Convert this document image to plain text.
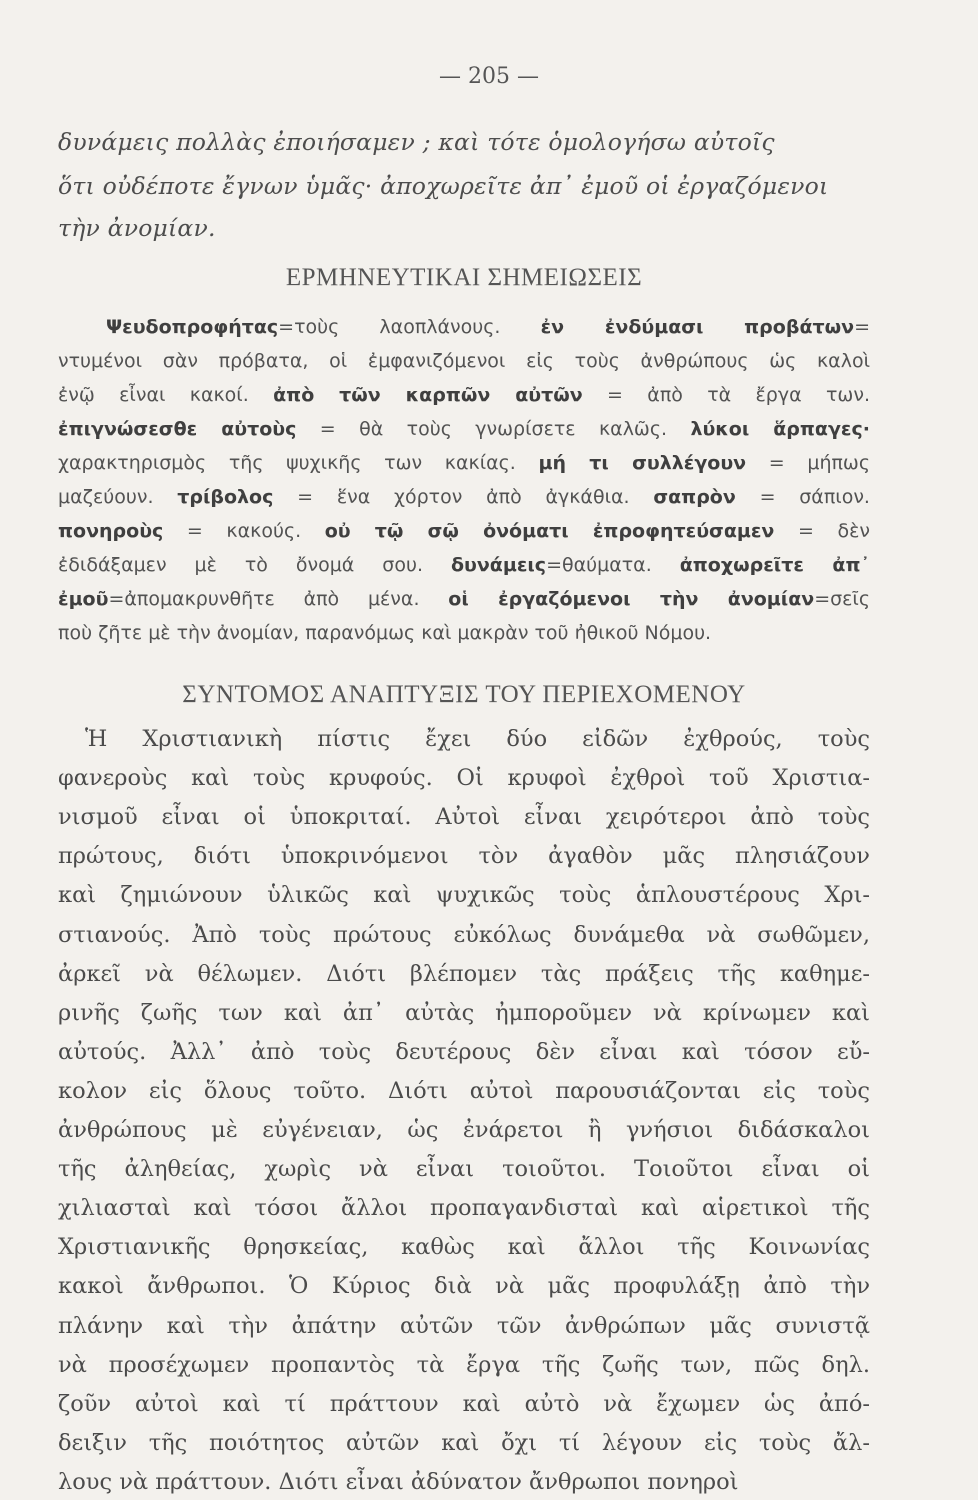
— 205 —
δυνάμεις πολλὰς ἐποιήσαμεν ; καὶ τότε ὁμολογήσω αὐτοῖς
ὅτι οὐδέποτε ἔγνων ὑμᾶς· ἀποχωρεῖτε ἀπ᾽ ἐμοῦ οἱ ἐργαζόμενοι
τὴν ἀνομίαν.
ΕΡΜΗΝΕΥΤΙΚΑΙ ΣΗΜΕΙΩΣΕΙΣ
Ψευδοπροφήτας=τοὺς λαοπλάνους. ἐν ἐνδύμασι προβάτων=
ντυμένοι σὰν πρόβατα, οἱ ἐμφανιζόμενοι εἰς τοὺς ἀνθρώπους ὡς καλοὶ
ἐνῷ εἶναι κακοί. ἀπὸ τῶν καρπῶν αὐτῶν = ἀπὸ τὰ ἔργα των.
ἐπιγνώσεσθε αὐτοὺς = θὰ τοὺς γνωρίσετε καλῶς. λύκοι ἅρπαγες·
χαρακτηρισμὸς τῆς ψυχικῆς των κακίας. μή τι συλλέγουν = μήπως
μαζεύουν. τρίβολος = ἕνα χόρτον ἀπὸ ἀγκάθια. σαπρὸν = σάπιον.
πονηροὺς = κακούς. οὐ τῷ σῷ ὀνόματι ἐπροφητεύσαμεν = δὲν
ἐδιδάξαμεν μὲ τὸ ὄνομά σου. δυνάμεις=θαύματα. ἀποχωρεῖτε ἀπ᾽
ἐμοῦ=ἀπομακρυνθῆτε ἀπὸ μένα. οἱ ἐργαζόμενοι τὴν ἀνομίαν=σεῖς
ποὺ ζῆτε μὲ τὴν ἀνομίαν, παρανόμως καὶ μακρὰν τοῦ ἠθικοῦ Νόμου.
ΣΥΝΤΟΜΟΣ ΑΝΑΠΤΥΞΙΣ ΤΟΥ ΠΕΡΙΕΧΟΜΕΝΟΥ
Ἡ Χριστιανικὴ πίστις ἔχει δύο εἰδῶν ἐχθρούς, τοὺς
φανεροὺς καὶ τοὺς κρυφούς. Οἱ κρυφοὶ ἐχθροὶ τοῦ Χριστια-
νισμοῦ εἶναι οἱ ὑποκριταί. Αὐτοὶ εἶναι χειρότεροι ἀπὸ τοὺς
πρώτους, διότι ὑποκρινόμενοι τὸν ἀγαθὸν μᾶς πλησιάζουν
καὶ ζημιώνουν ὑλικῶς καὶ ψυχικῶς τοὺς ἁπλουστέρους Χρι-
στιανούς. Ἀπὸ τοὺς πρώτους εὐκόλως δυνάμεθα νὰ σωθῶμεν,
ἀρκεῖ νὰ θέλωμεν. Διότι βλέπομεν τὰς πράξεις τῆς καθημε-
ρινῆς ζωῆς των καὶ ἀπ᾽ αὐτὰς ἠμποροῦμεν νὰ κρίνωμεν καὶ
αὐτούς. Ἀλλ᾽ ἀπὸ τοὺς δευτέρους δὲν εἶναι καὶ τόσον εὔ-
κολον εἰς ὅλους τοῦτο. Διότι αὐτοὶ παρουσιάζονται εἰς τοὺς
ἀνθρώπους μὲ εὐγένειαν, ὡς ἐνάρετοι ἢ γνήσιοι διδάσκαλοι
τῆς ἀληθείας, χωρὶς νὰ εἶναι τοιοῦτοι. Τοιοῦτοι εἶναι οἱ
χιλιασταὶ καὶ τόσοι ἄλλοι προπαγανδισταὶ καὶ αἱρετικοὶ τῆς
Χριστιανικῆς θρησκείας, καθὼς καὶ ἄλλοι τῆς Κοινωνίας
κακοὶ ἄνθρωποι. Ὁ Κύριος διὰ νὰ μᾶς προφυλάξῃ ἀπὸ τὴν
πλάνην καὶ τὴν ἀπάτην αὐτῶν τῶν ἀνθρώπων μᾶς συνιστᾷ
νὰ προσέχωμεν προπαντὸς τὰ ἔργα τῆς ζωῆς των, πῶς δηλ.
ζοῦν αὐτοὶ καὶ τί πράττουν καὶ αὐτὸ νὰ ἔχωμεν ὡς ἀπό-
δειξιν τῆς ποιότητος αὐτῶν καὶ ὄχι τί λέγουν εἰς τοὺς ἄλ-
λους νὰ πράττουν. Διότι εἶναι ἀδύνατον ἄνθρωποι πονηροὶ
